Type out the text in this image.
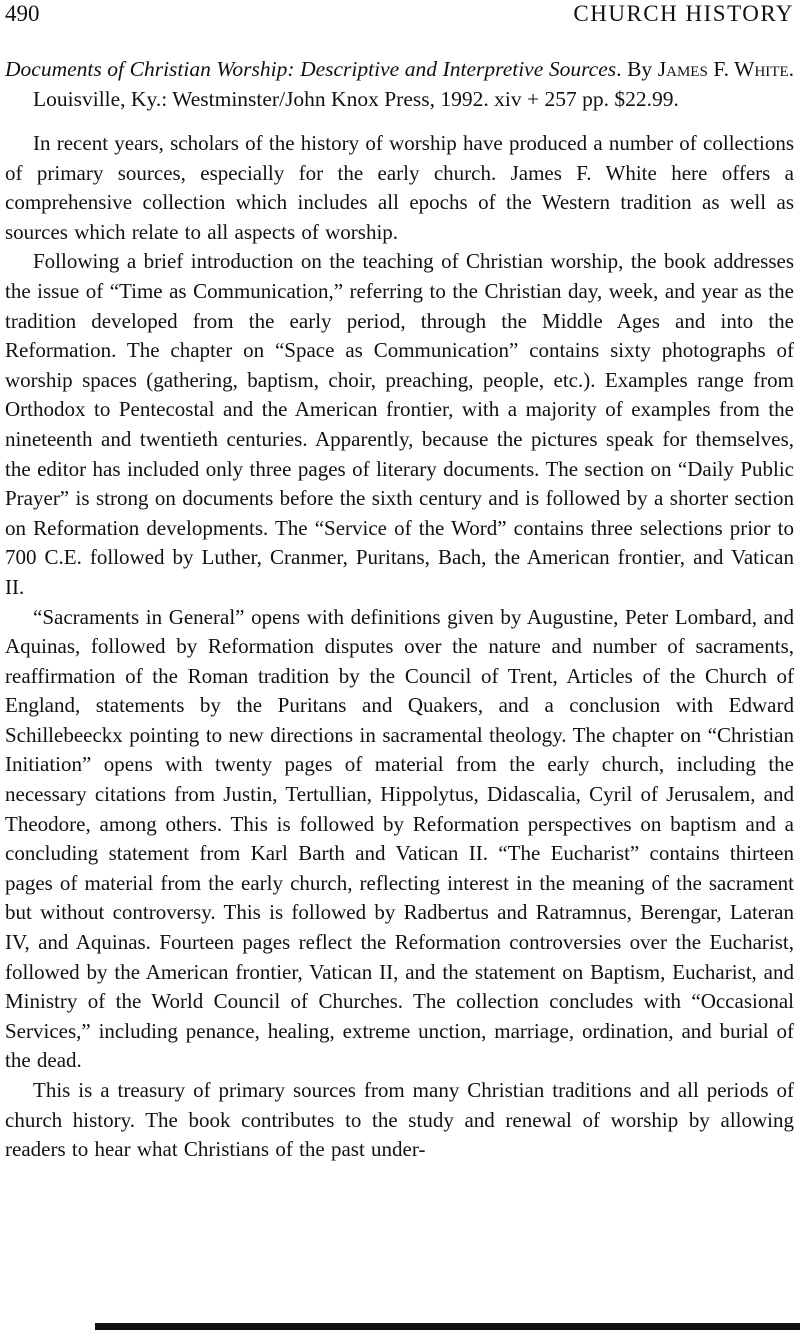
490	CHURCH HISTORY
Documents of Christian Worship: Descriptive and Interpretive Sources. By James F. White. Louisville, Ky.: Westminster/John Knox Press, 1992. xiv + 257 pp. $22.99.

In recent years, scholars of the history of worship have produced a number of collections of primary sources, especially for the early church. James F. White here offers a comprehensive collection which includes all epochs of the Western tradition as well as sources which relate to all aspects of worship.

Following a brief introduction on the teaching of Christian worship, the book addresses the issue of “Time as Communication,” referring to the Christian day, week, and year as the tradition developed from the early period, through the Middle Ages and into the Reformation. The chapter on “Space as Communication” contains sixty photographs of worship spaces (gathering, baptism, choir, preaching, people, etc.). Examples range from Orthodox to Pentecostal and the American frontier, with a majority of examples from the nineteenth and twentieth centuries. Apparently, because the pictures speak for themselves, the editor has included only three pages of literary documents. The section on “Daily Public Prayer” is strong on documents before the sixth century and is followed by a shorter section on Reformation developments. The “Service of the Word” contains three selections prior to 700 C.E. followed by Luther, Cranmer, Puritans, Bach, the American frontier, and Vatican II.

“Sacraments in General” opens with definitions given by Augustine, Peter Lombard, and Aquinas, followed by Reformation disputes over the nature and number of sacraments, reaffirmation of the Roman tradition by the Council of Trent, Articles of the Church of England, statements by the Puritans and Quakers, and a conclusion with Edward Schillebeeckx pointing to new directions in sacramental theology. The chapter on “Christian Initiation” opens with twenty pages of material from the early church, including the necessary citations from Justin, Tertullian, Hippolytus, Didascalia, Cyril of Jerusalem, and Theodore, among others. This is followed by Reformation perspectives on baptism and a concluding statement from Karl Barth and Vatican II. “The Eucharist” contains thirteen pages of material from the early church, reflecting interest in the meaning of the sacrament but without controversy. This is followed by Radbertus and Ratramnus, Berengar, Lateran IV, and Aquinas. Fourteen pages reflect the Reformation controversies over the Eucharist, followed by the American frontier, Vatican II, and the statement on Baptism, Eucharist, and Ministry of the World Council of Churches. The collection concludes with “Occasional Services,” including penance, healing, extreme unction, marriage, ordination, and burial of the dead.

This is a treasury of primary sources from many Christian traditions and all periods of church history. The book contributes to the study and renewal of worship by allowing readers to hear what Christians of the past under-
